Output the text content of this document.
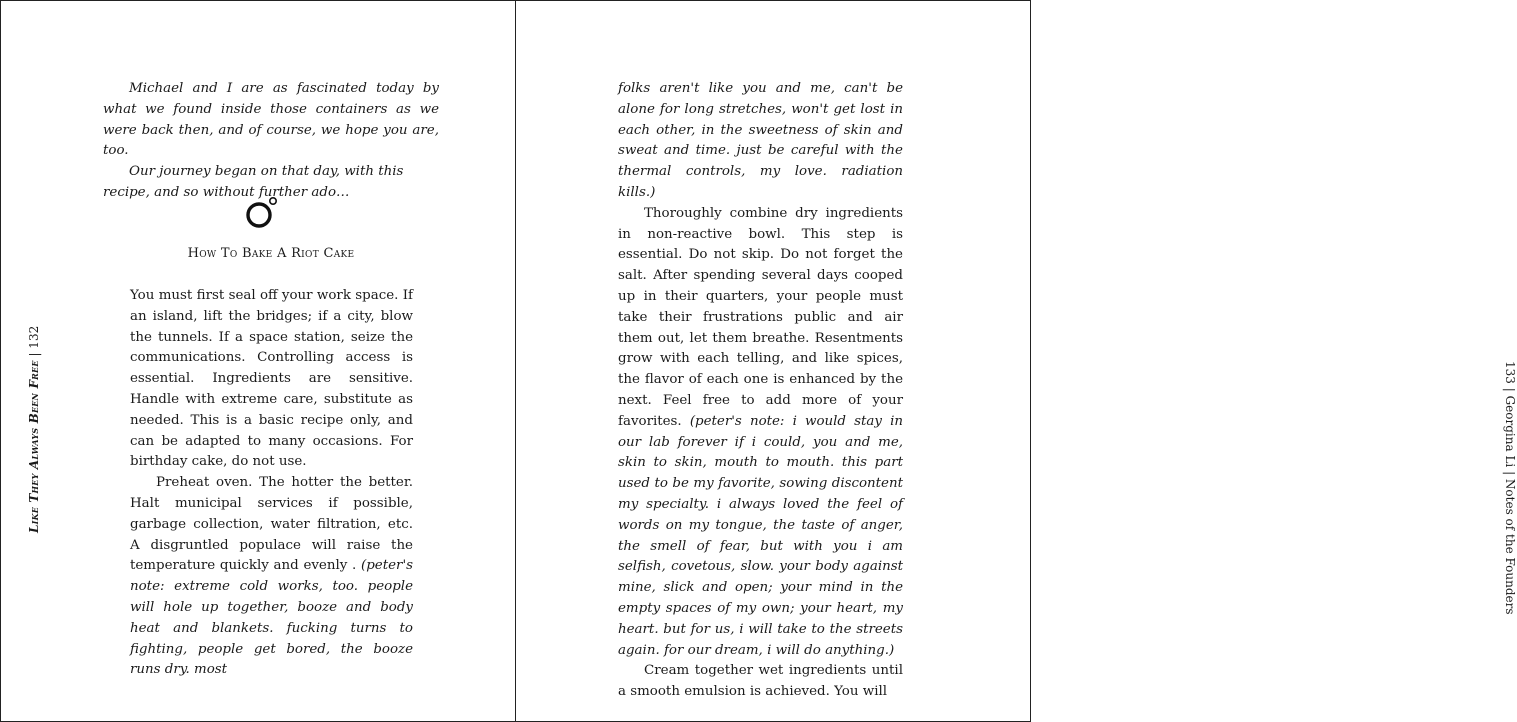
Michael and I are as fascinated today by what we found inside those containers as we were back then, and of course, we hope you are, too.

Our journey began on that day, with this recipe, and so without further ado…

How To Bake A Riot Cake

You must first seal off your work space. If an island, lift the bridges; if a city, blow the tunnels. If a space station, seize the communications. Controlling access is essential. Ingredients are sensitive. Handle with extreme care, substitute as needed. This is a basic recipe only, and can be adapted to many occasions. For birthday cake, do not use.

Preheat oven. The hotter the better. Halt municipal services if possible, garbage collection, water filtration, etc. A disgruntled populace will raise the temperature quickly and evenly . (peter's note: extreme cold works, too. people will hole up together, booze and body heat and blankets. fucking turns to fighting, people get bored, the booze runs dry. most

Like They Always Been Free | 132

folks aren't like you and me, can't be alone for long stretches, won't get lost in each other, in the sweetness of skin and sweat and time. just be careful with the thermal controls, my love. radiation kills.)

Thoroughly combine dry ingredients in non-reactive bowl. This step is essential. Do not skip. Do not forget the salt. After spending several days cooped up in their quarters, your people must take their frustrations public and air them out, let them breathe. Resentments grow with each telling, and like spices, the flavor of each one is enhanced by the next. Feel free to add more of your favorites. (peter's note: i would stay in our lab forever if i could, you and me, skin to skin, mouth to mouth. this part used to be my favorite, sowing discontent my specialty. i always loved the feel of words on my tongue, the taste of anger, the smell of fear, but with you i am selfish, covetous, slow. your body against mine, slick and open; your mind in the empty spaces of my own; your heart, my heart. but for us, i will take to the streets again. for our dream, i will do anything.)

Cream together wet ingredients until a smooth emulsion is achieved. You will

133 | Georgina Li | Notes of the Founders
